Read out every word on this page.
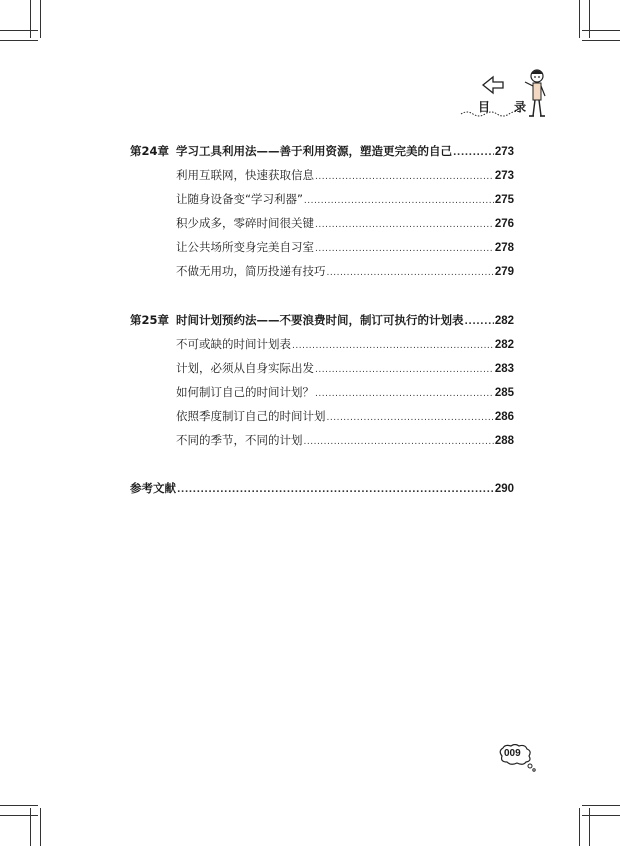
目 录
第24章 学习工具利用法——善于利用资源，塑造更完美的自己 .....	273
利用互联网，快速获取信息 .....	273
让随身设备变“学习利器” .....	275
积少成多，零碎时间很关键 .....	276
让公共场所变身完美自习室 .....	278
不做无用功，简历投递有技巧 .....	279
第25章 时间计划预约法——不要浪费时间，制订可执行的计划表 .....	282
不可或缺的时间计划表 .....	282
计划，必须从自身实际出发 .....	283
如何制订自己的时间计划？ .....	285
依照季度制订自己的时间计划 .....	286
不同的季节，不同的计划 .....	288
参考文献 .....	290
009
